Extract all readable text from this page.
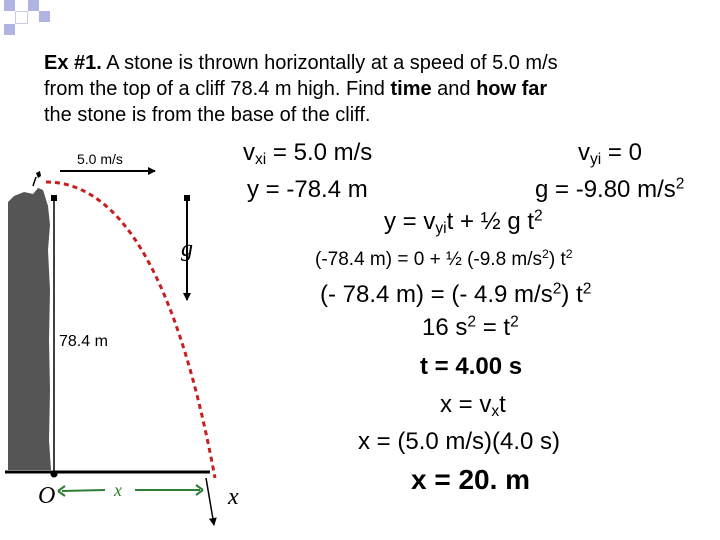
Ex #1. A stone is thrown horizontally at a speed of 5.0 m/s
from the top of a cliff 78.4 m high. Find time and how far
the stone is from the base of the cliff.
g
O	x
x
5.0 m/s
78.4 m
$v_{xi} = 5.0$ m/s	$v_{yi} = 0$
y = -78.4 m	g = -9.80 $m/s^2$
$y = v_{yi}t$ + ½ g $t^2$
(-78.4 m) = 0 + ½ (-9.8 $m/s^2$) $t^2$
(- 78.4 m) = (- 4.9 $m/s^2$) $t^2$
16 $s^2 = t^2$
t = 4.00 s
$x = v_xt$
x = (5.0 m/s)(4.0 s)
x = 20. m
